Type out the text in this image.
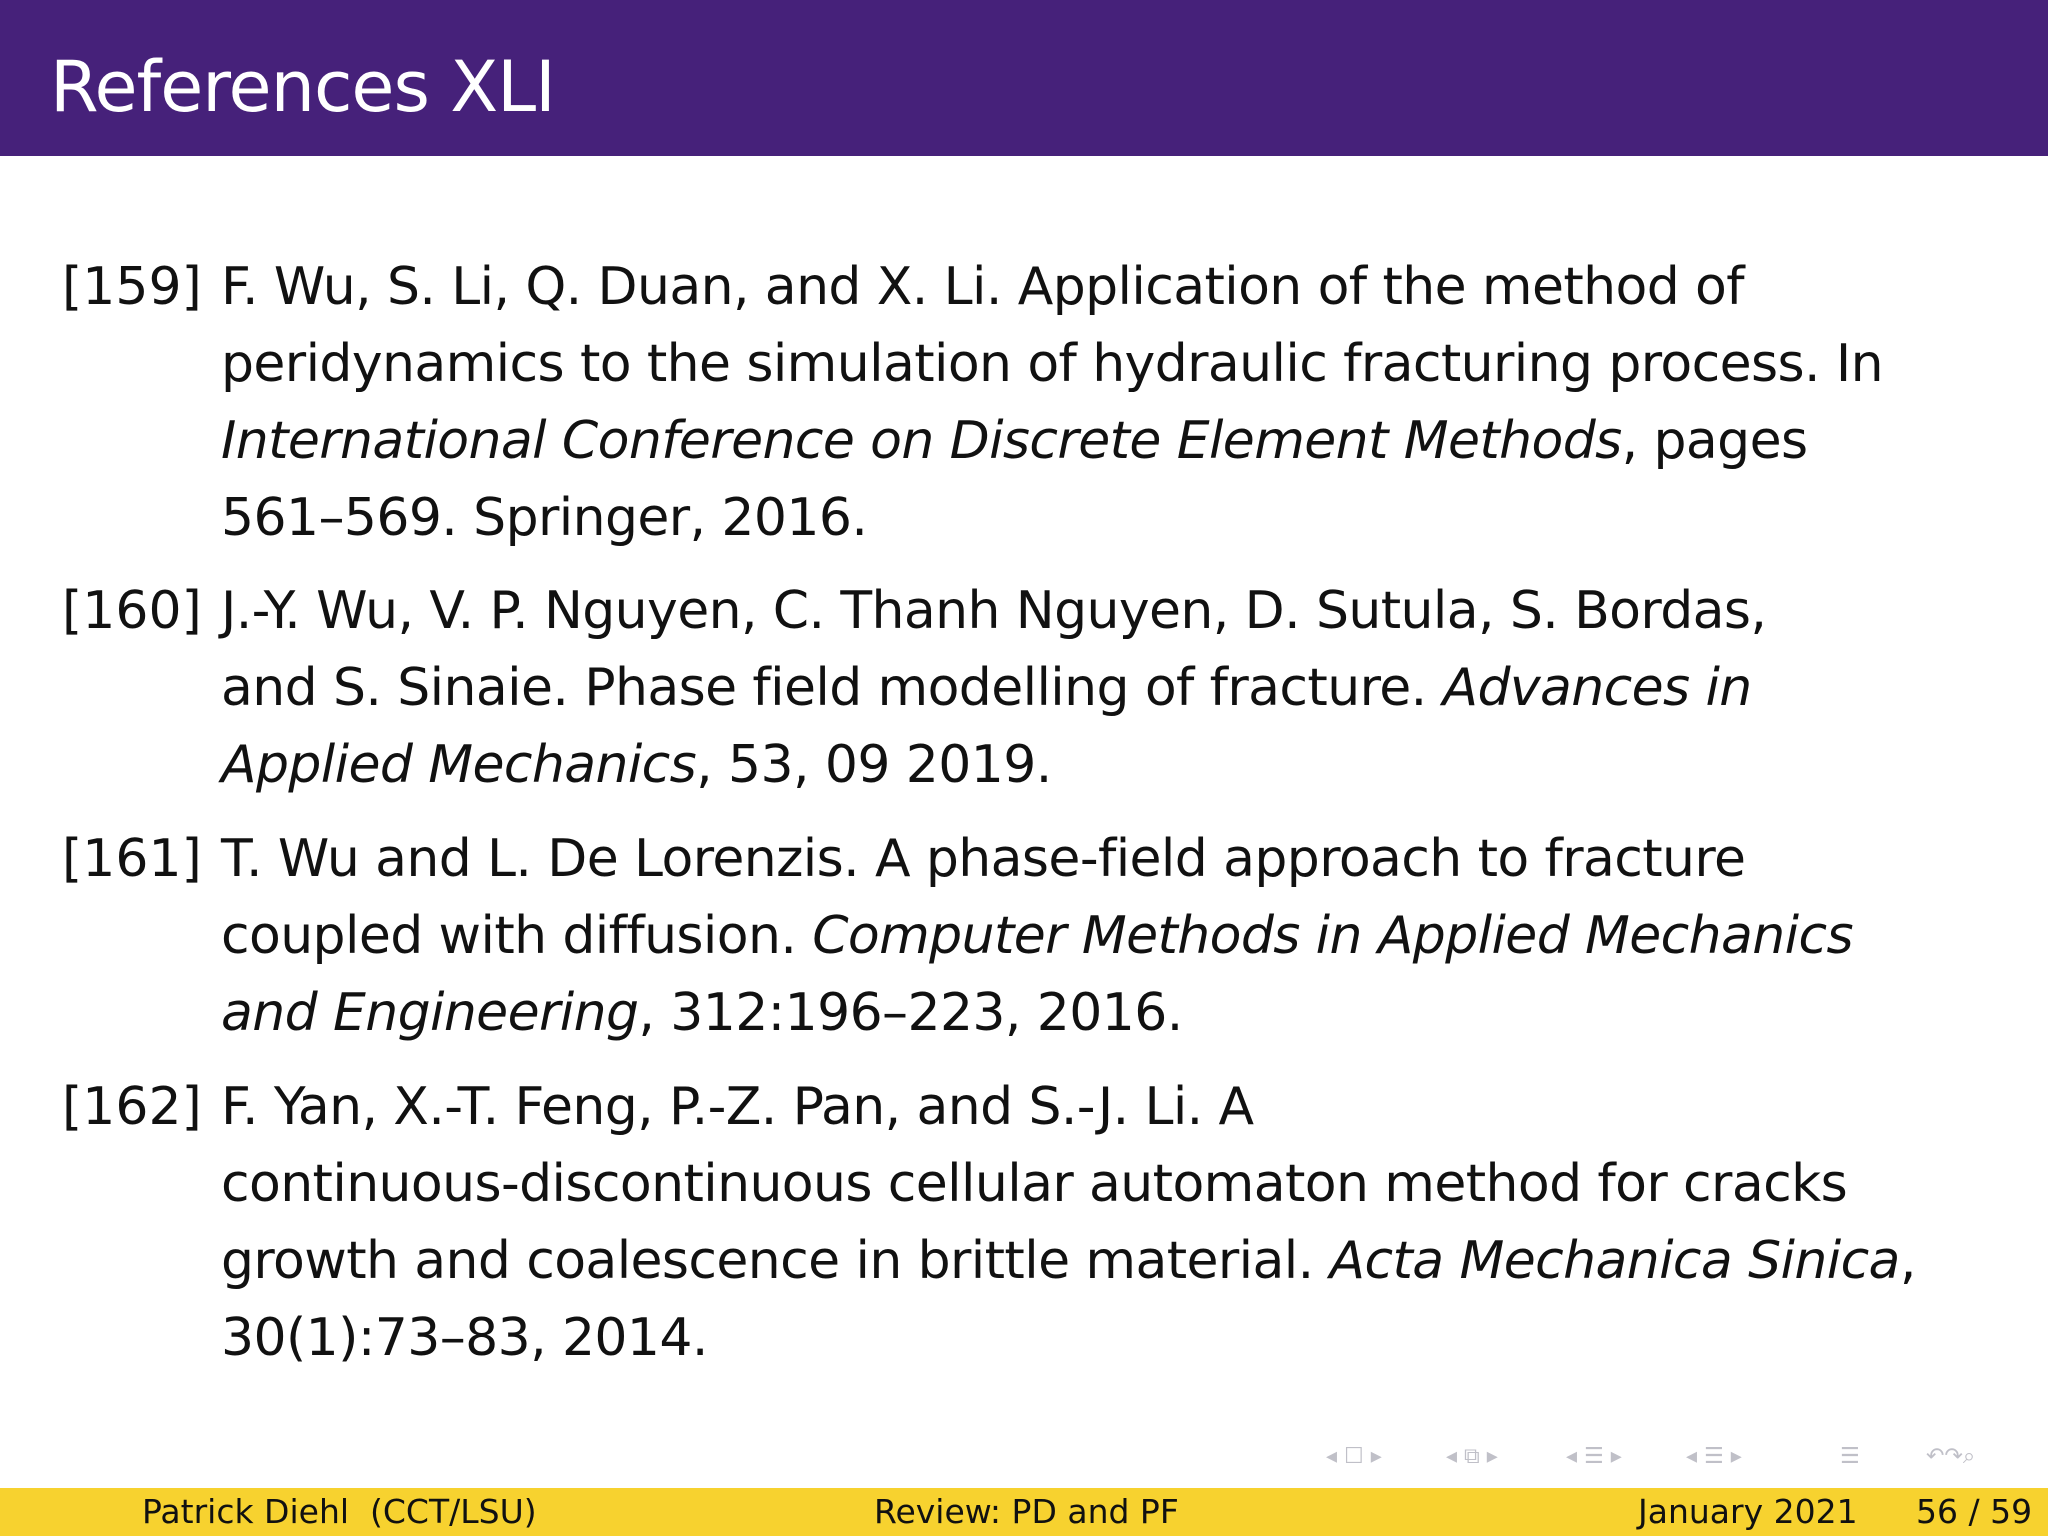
References XLI
[159] F. Wu, S. Li, Q. Duan, and X. Li. Application of the method of
peridynamics to the simulation of hydraulic fracturing process. In
International Conference on Discrete Element Methods, pages
561–569. Springer, 2016.
[160] J.-Y. Wu, V. P. Nguyen, C. Thanh Nguyen, D. Sutula, S. Bordas,
and S. Sinaie. Phase field modelling of fracture. Advances in
Applied Mechanics, 53, 09 2019.
[161] T. Wu and L. De Lorenzis. A phase-field approach to fracture
coupled with diffusion. Computer Methods in Applied Mechanics
and Engineering, 312:196–223, 2016.
[162] F. Yan, X.-T. Feng, P.-Z. Pan, and S.-J. Li. A
continuous-discontinuous cellular automaton method for cracks
growth and coalescence in brittle material. Acta Mechanica Sinica,
30(1):73–83, 2014.
◂ ☐ ▸	◂ ⧉ ▸	◂ ☰ ▸	◂ ☰ ▸	☰	↶↷⌕
Patrick Diehl  (CCT/LSU)	Review: PD and PF	January 2021 56 / 59
